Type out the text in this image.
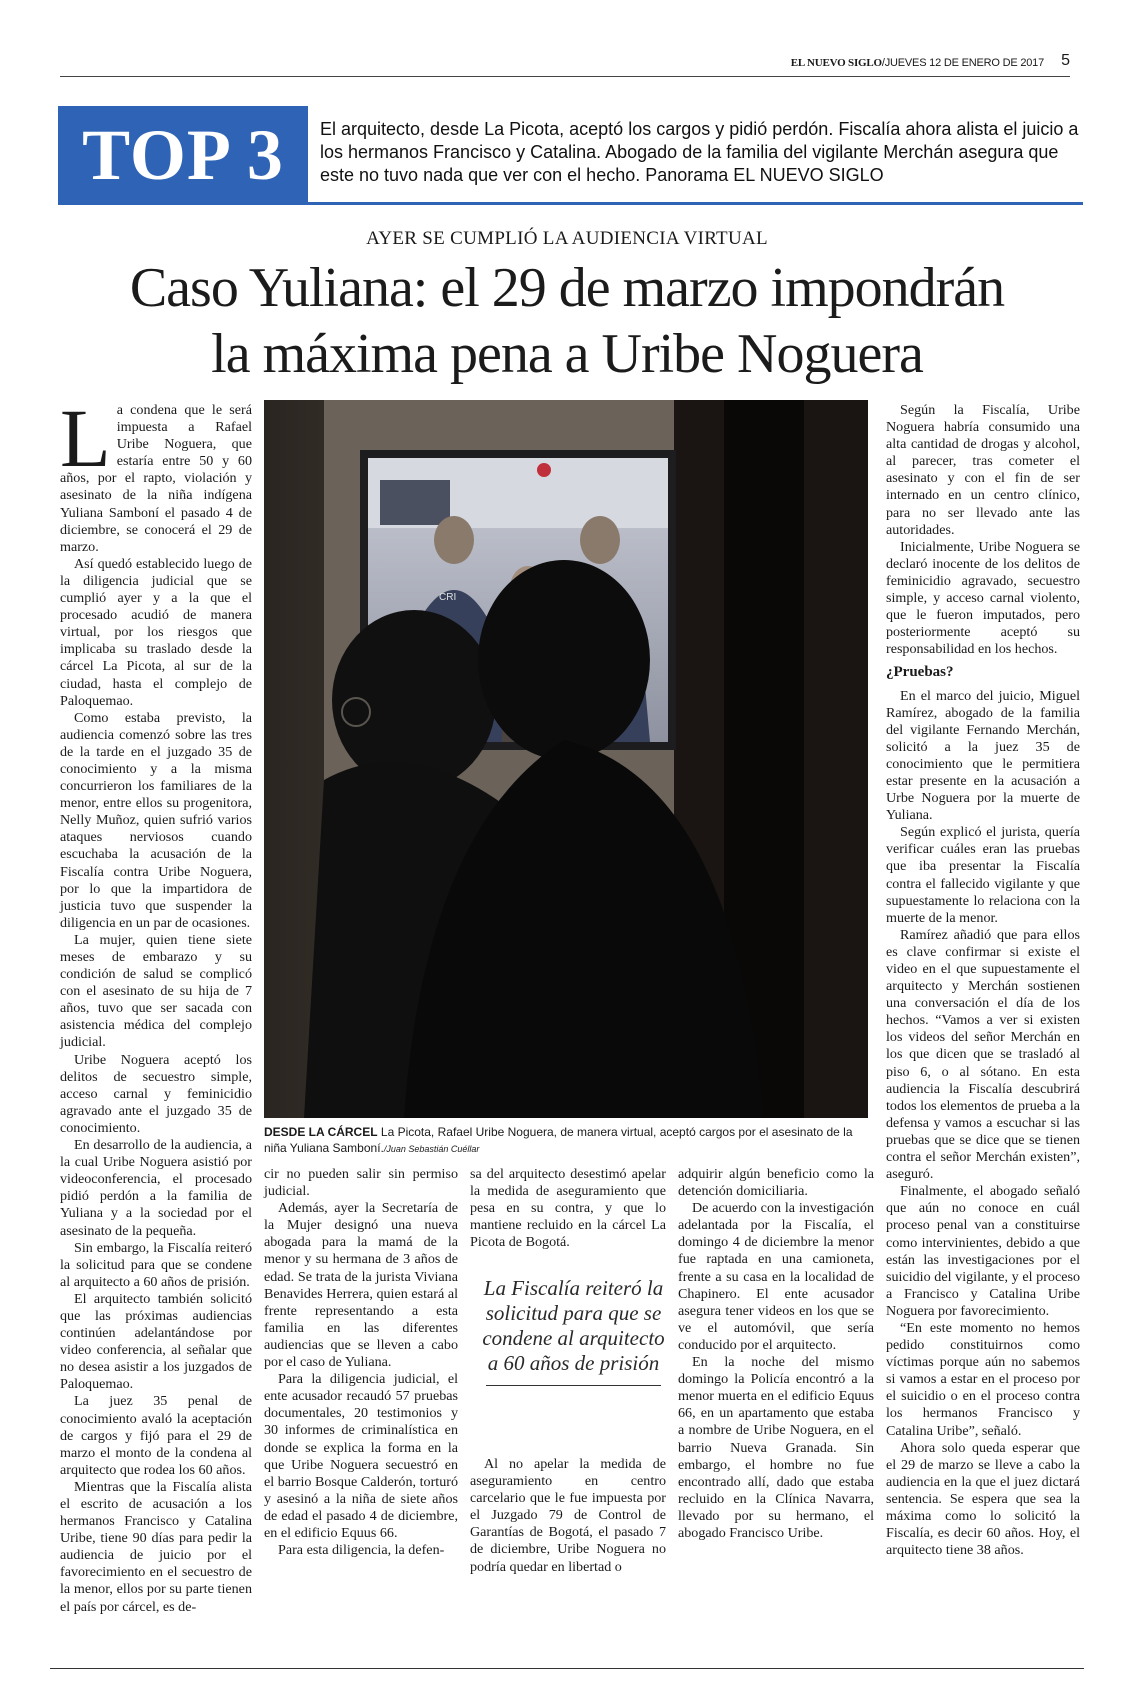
EL NUEVO SIGLO/JUEVES 12 DE ENERO DE 2017 5
TOP 3	El arquitecto, desde La Picota, aceptó los cargos y pidió perdón. Fiscalía ahora alista el juicio a los hermanos Francisco y Catalina. Abogado de la familia del vigilante Merchán asegura que este no tuvo nada que ver con el hecho. Panorama EL NUEVO SIGLO
AYER SE CUMPLIÓ LA AUDIENCIA VIRTUAL
Caso Yuliana: el 29 de marzo impondrán
la máxima pena a Uribe Noguera

La condena que le será impuesta a Rafael Uribe Noguera, que estaría entre 50 y 60 años, por el rapto, violación y asesinato de la niña indígena Yuliana Samboní el pasado 4 de diciembre, se conocerá el 29 de marzo.

Así quedó establecido luego de la diligencia judicial que se cumplió ayer y a la que el procesado acudió de manera virtual, por los riesgos que implicaba su traslado desde la cárcel La Picota, al sur de la ciudad, hasta el complejo de Paloquemao.

Como estaba previsto, la audiencia comenzó sobre las tres de la tarde en el juzgado 35 de conocimiento y a la misma concurrieron los familiares de la menor, entre ellos su progenitora, Nelly Muñoz, quien sufrió varios ataques nerviosos cuando escuchaba la acusación de la Fiscalía contra Uribe Noguera, por lo que la impartidora de justicia tuvo que suspender la diligencia en un par de ocasiones.

La mujer, quien tiene siete meses de embarazo y su condición de salud se complicó con el asesinato de su hija de 7 años, tuvo que ser sacada con asistencia médica del complejo judicial.

Uribe Noguera aceptó los delitos de secuestro simple, acceso carnal y feminicidio agravado ante el juzgado 35 de conocimiento.

En desarrollo de la audiencia, a la cual Uribe Noguera asistió por videoconferencia, el procesado pidió perdón a la familia de Yuliana y a la sociedad por el asesinato de la pequeña.

Sin embargo, la Fiscalía reiteró la solicitud para que se condene al arquitecto a 60 años de prisión.

El arquitecto también solicitó que las próximas audiencias continúen adelantándose por video conferencia, al señalar que no desea asistir a los juzgados de Paloquemao.

La juez 35 penal de conocimiento avaló la aceptación de cargos y fijó para el 29 de marzo el monto de la condena al arquitecto que rodea los 60 años.

Mientras que la Fiscalía alista el escrito de acusación a los hermanos Francisco y Catalina Uribe, tiene 90 días para pedir la audiencia de juicio por el favorecimiento en el secuestro de la menor, ellos por su parte tienen el país por cárcel, es de-

CRI
DESDE LA CÁRCEL La Picota, Rafael Uribe Noguera, de manera virtual, aceptó cargos por el asesinato de la niña Yuliana Samboní./Juan Sebastián Cuéllar

cir no pueden salir sin permiso judicial.

Además, ayer la Secretaría de la Mujer designó una nueva abogada para la mamá de la menor y su hermana de 3 años de edad. Se trata de la jurista Viviana Benavides Herrera, quien estará al frente representando a esta familia en las diferentes audiencias que se lleven a cabo por el caso de Yuliana.

Para la diligencia judicial, el ente acusador recaudó 57 pruebas documentales, 20 testimonios y 30 informes de criminalística en donde se explica la forma en la que Uribe Noguera secuestró en el barrio Bosque Calderón, torturó y asesinó a la niña de siete años de edad el pasado 4 de diciembre, en el edificio Equus 66.

Para esta diligencia, la defen-

sa del arquitecto desestimó apelar la medida de aseguramiento que pesa en su contra, y que lo mantiene recluido en la cárcel La Picota de Bogotá.

La Fiscalía reiteró la solicitud para que se condene al arquitecto a 60 años de prisión

Al no apelar la medida de aseguramiento en centro carcelario que le fue impuesta por el Juzgado 79 de Control de Garantías de Bogotá, el pasado 7 de diciembre, Uribe Noguera no podría quedar en libertad o

adquirir algún beneficio como la detención domiciliaria.

De acuerdo con la investigación adelantada por la Fiscalía, el domingo 4 de diciembre la menor fue raptada en una camioneta, frente a su casa en la localidad de Chapinero. El ente acusador asegura tener videos en los que se ve el automóvil, que sería conducido por el arquitecto.

En la noche del mismo domingo la Policía encontró a la menor muerta en el edificio Equus 66, en un apartamento que estaba a nombre de Uribe Noguera, en el barrio Nueva Granada. Sin embargo, el hombre no fue encontrado allí, dado que estaba recluido en la Clínica Navarra, llevado por su hermano, el abogado Francisco Uribe.

Según la Fiscalía, Uribe Noguera habría consumido una alta cantidad de drogas y alcohol, al parecer, tras cometer el asesinato y con el fin de ser internado en un centro clínico, para no ser llevado ante las autoridades.

Inicialmente, Uribe Noguera se declaró inocente de los delitos de feminicidio agravado, secuestro simple, y acceso carnal violento, que le fueron imputados, pero posteriormente aceptó su responsabilidad en los hechos.

¿Pruebas?

En el marco del juicio, Miguel Ramírez, abogado de la familia del vigilante Fernando Merchán, solicitó a la juez 35 de conocimiento que le permitiera estar presente en la acusación a Urbe Noguera por la muerte de Yuliana.

Según explicó el jurista, quería verificar cuáles eran las pruebas que iba presentar la Fiscalía contra el fallecido vigilante y que supuestamente lo relaciona con la muerte de la menor.

Ramírez añadió que para ellos es clave confirmar si existe el video en el que supuestamente el arquitecto y Merchán sostienen una conversación el día de los hechos. “Vamos a ver si existen los videos del señor Merchán en los que dicen que se trasladó al piso 6, o al sótano. En esta audiencia la Fiscalía descubrirá todos los elementos de prueba a la defensa y vamos a escuchar si las pruebas que se dice que se tienen contra el señor Merchán existen”, aseguró.

Finalmente, el abogado señaló que aún no conoce en cuál proceso penal van a constituirse como intervinientes, debido a que están las investigaciones por el suicidio del vigilante, y el proceso a Francisco y Catalina Uribe Noguera por favorecimiento.

“En este momento no hemos pedido constituirnos como víctimas porque aún no sabemos si vamos a estar en el proceso por el suicidio o en el proceso contra los hermanos Francisco y Catalina Uribe”, señaló.

Ahora solo queda esperar que el 29 de marzo se lleve a cabo la audiencia en la que el juez dictará sentencia. Se espera que sea la máxima como lo solicitó la Fiscalía, es decir 60 años. Hoy, el arquitecto tiene 38 años.
